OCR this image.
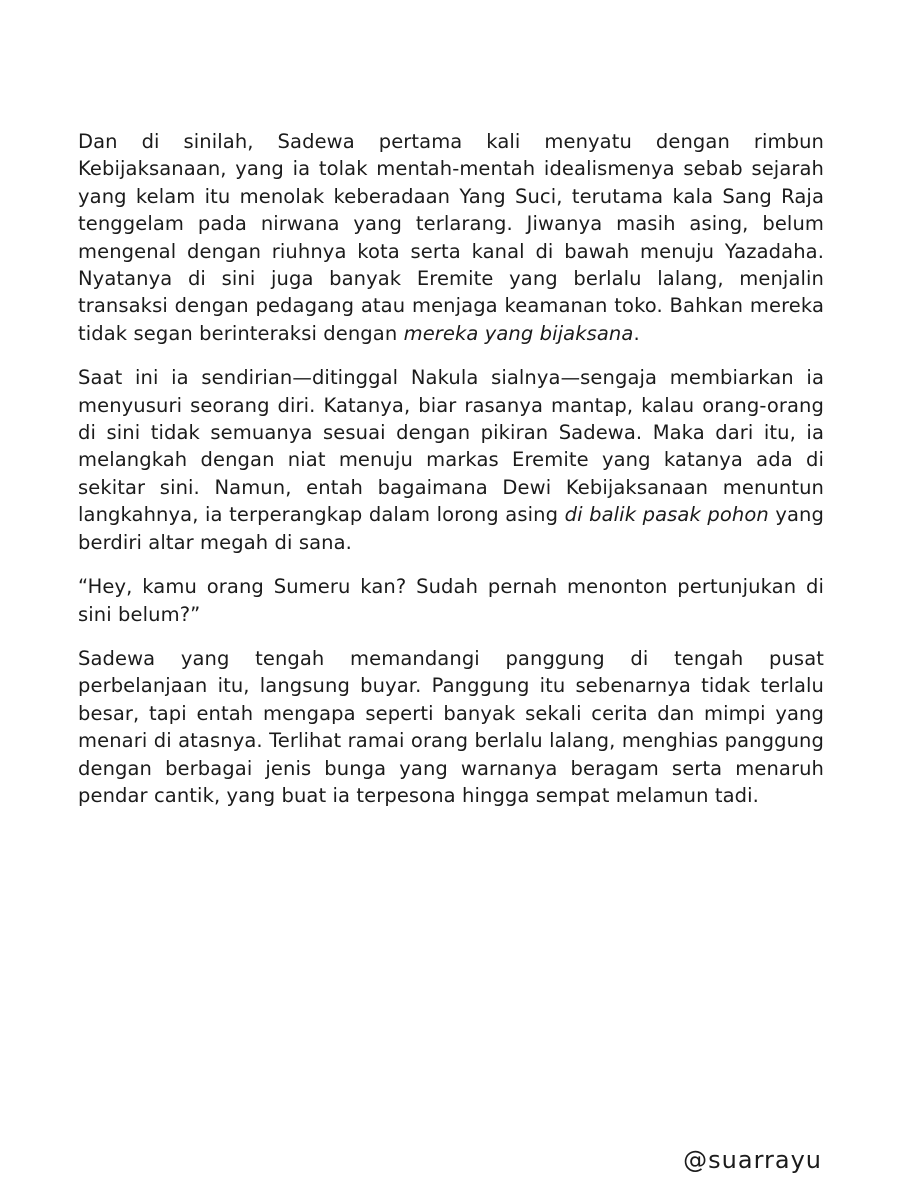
Dan di sinilah, Sadewa pertama kali menyatu dengan rimbun Kebijaksanaan, yang ia tolak mentah-mentah idealismenya sebab sejarah yang kelam itu menolak keberadaan Yang Suci, terutama kala Sang Raja tenggelam pada nirwana yang terlarang. Jiwanya masih asing, belum mengenal dengan riuhnya kota serta kanal di bawah menuju Yazadaha. Nyatanya di sini juga banyak Eremite yang berlalu lalang, menjalin transaksi dengan pedagang atau menjaga keamanan toko. Bahkan mereka tidak segan berinteraksi dengan mereka yang bijaksana.

Saat ini ia sendirian—ditinggal Nakula sialnya—sengaja membiarkan ia menyusuri seorang diri. Katanya, biar rasanya mantap, kalau orang-orang di sini tidak semuanya sesuai dengan pikiran Sadewa. Maka dari itu, ia melangkah dengan niat menuju markas Eremite yang katanya ada di sekitar sini. Namun, entah bagaimana Dewi Kebijaksanaan menuntun langkahnya, ia terperangkap dalam lorong asing di balik pasak pohon yang berdiri altar megah di sana.

“Hey, kamu orang Sumeru kan? Sudah pernah menonton pertunjukan di sini belum?”

Sadewa yang tengah memandangi panggung di tengah pusat perbelanjaan itu, langsung buyar. Panggung itu sebenarnya tidak terlalu besar, tapi entah mengapa seperti banyak sekali cerita dan mimpi yang menari di atasnya. Terlihat ramai orang berlalu lalang, menghias panggung dengan berbagai jenis bunga yang warnanya beragam serta menaruh pendar cantik, yang buat ia terpesona hingga sempat melamun tadi.

@suarrayu
